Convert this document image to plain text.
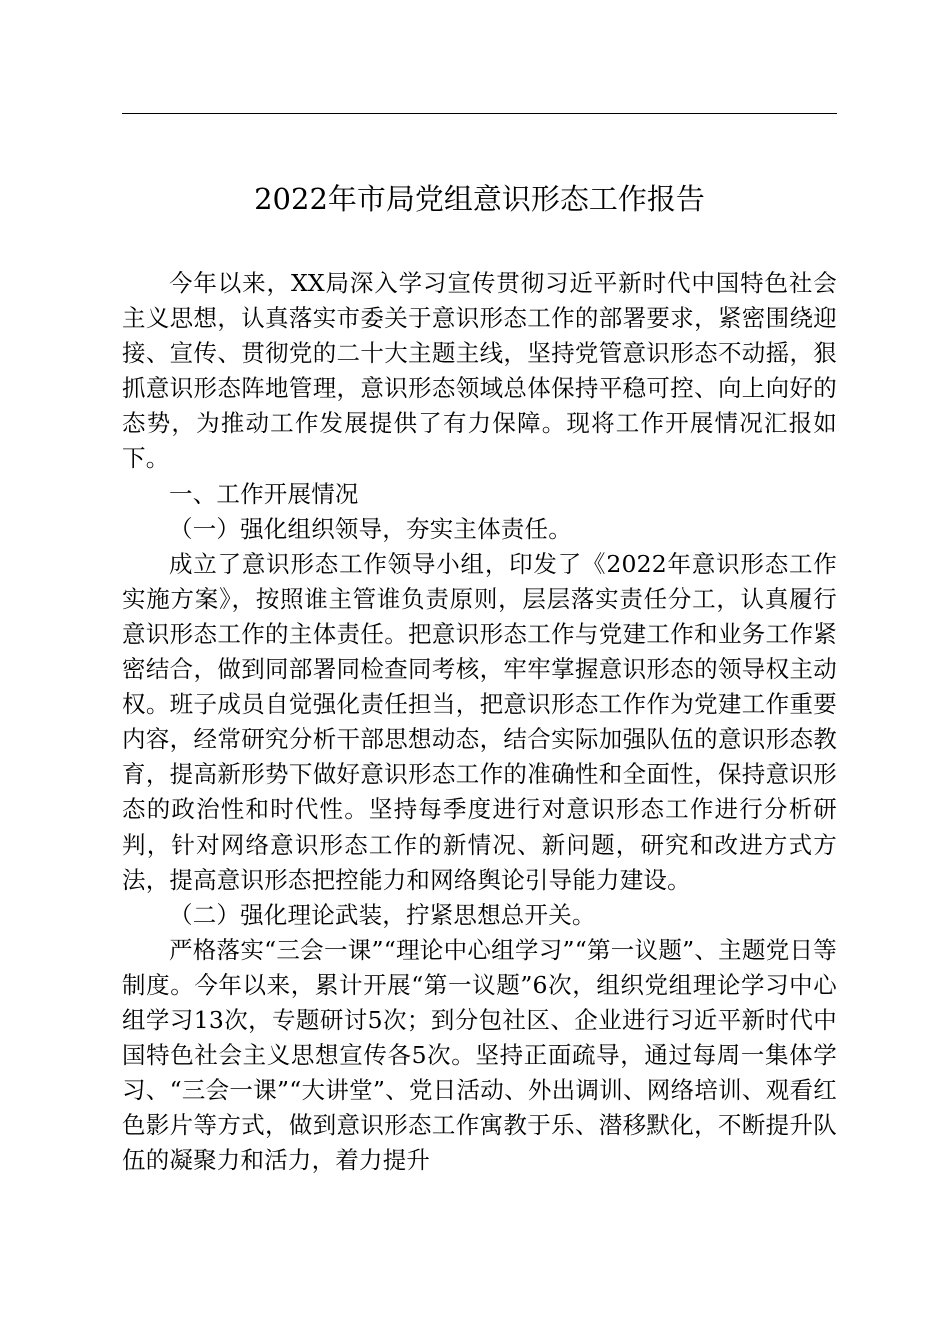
2022年市局党组意识形态工作报告

今年以来，XX局深入学习宣传贯彻习近平新时代中国特色社会主义思想，认真落实市委关于意识形态工作的部署要求，紧密围绕迎接、宣传、贯彻党的二十大主题主线，坚持党管意识形态不动摇，狠抓意识形态阵地管理，意识形态领域总体保持平稳可控、向上向好的态势，为推动工作发展提供了有力保障。现将工作开展情况汇报如下。

一、工作开展情况

（一）强化组织领导，夯实主体责任。

成立了意识形态工作领导小组，印发了《2022年意识形态工作实施方案》，按照谁主管谁负责原则，层层落实责任分工，认真履行意识形态工作的主体责任。把意识形态工作与党建工作和业务工作紧密结合，做到同部署同检查同考核，牢牢掌握意识形态的领导权主动权。班子成员自觉强化责任担当，把意识形态工作作为党建工作重要内容，经常研究分析干部思想动态，结合实际加强队伍的意识形态教育，提高新形势下做好意识形态工作的准确性和全面性，保持意识形态的政治性和时代性。坚持每季度进行对意识形态工作进行分析研判，针对网络意识形态工作的新情况、新问题，研究和改进方式方法，提高意识形态把控能力和网络舆论引导能力建设。

（二）强化理论武装，拧紧思想总开关。

严格落实“三会一课”“理论中心组学习”“第一议题”、主题党日等制度。今年以来，累计开展“第一议题”6次，组织党组理论学习中心组学习13次，专题研讨5次；到分包社区、企业进行习近平新时代中国特色社会主义思想宣传各5次。坚持正面疏导，通过每周一集体学习、“三会一课”“大讲堂”、党日活动、外出调训、网络培训、观看红色影片等方式，做到意识形态工作寓教于乐、潜移默化，不断提升队伍的凝聚力和活力，着力提升
